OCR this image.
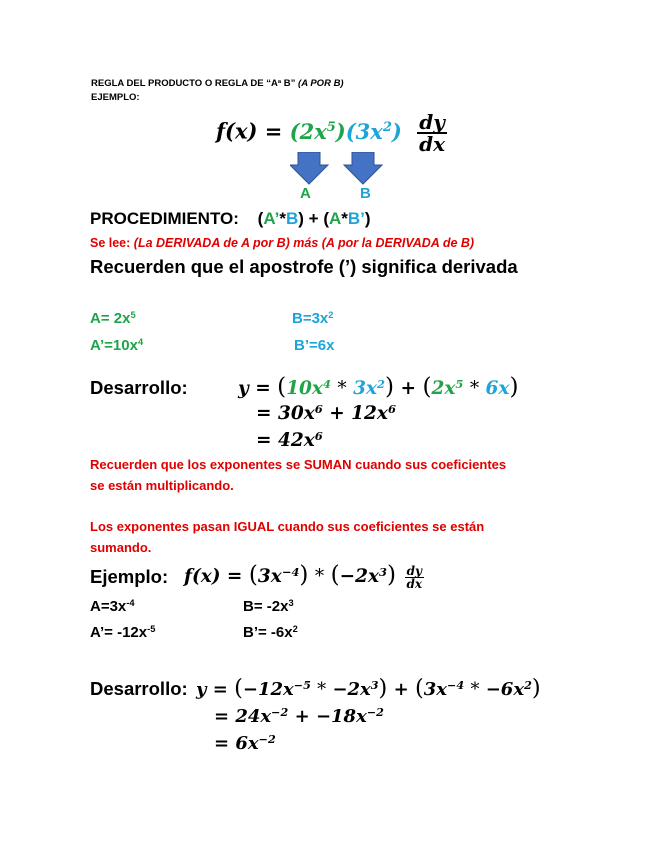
REGLA DEL PRODUCTO O REGLA DE “$A^a$ B” (A POR B)
EJEMPLO:
$f(x) = (2x^5)(3x^2) \frac{dy}{dx}$
A	B
PROCEDIMIENTO: (A’*B) + (A*B’)
Se lee: (La DERIVADA de A por B) más (A por la DERIVADA de B)
Recuerden que el apostrofe (’) significa derivada
$A= 2x^5$	$B=3x^2$
$A’=10x^4$	B’=6x
Desarrollo:	$y = (10x^4 * 3x^2) + (2x^5 * 6x)$
= $30x^6 + 12x^6$
= $42x^6$
Recuerden que los exponentes se SUMAN cuando sus coeficientes
se están multiplicando.
Los exponentes pasan IGUAL cuando sus coeficientes se están
sumando.
Ejemplo: $f(x) = (3x^{-4}) * (-2x^3) \frac{dy}{dx}$
$A=3x^{-4}$	$B= -2x^3$
A’= $-12x^{-5}$	B’= $-6x^2$
Desarrollo: $y = (-12x^{-5} * -2x^3) + (3x^{-4} * -6x^2)$
= $24x^{-2} + -18x^{-2}$
= $6x^{-2}$
